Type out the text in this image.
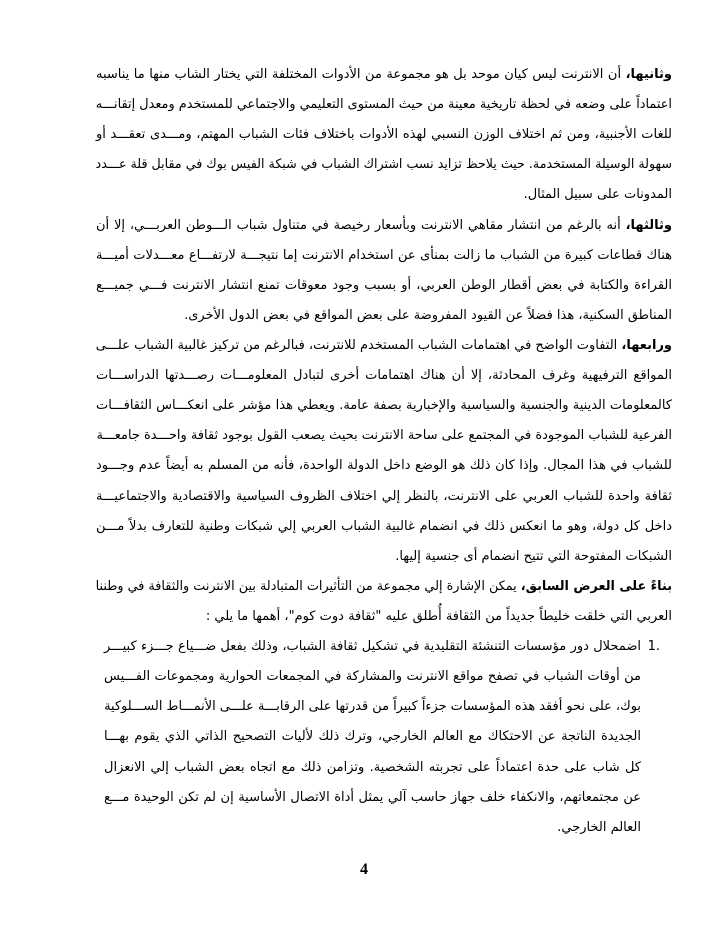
وثانيها، أن الانترنت ليس كيان موحد بل هو مجموعة من الأدوات المختلفة التي يختار الشاب منها ما يناسبه
اعتماداً على وضعه في لحظة تاريخية معينة من حيث المستوى التعليمي والاجتماعي للمستخدم ومعدل إتقانـــه
للغات الأجنبية، ومن ثم اختلاف الوزن النسبي لهذه الأدوات باختلاف فئات الشباب المهتم، ومـــدى تعقـــد أو
سهولة الوسيلة المستخدمة. حيث يلاحظ تزايد نسب اشتراك الشباب في شبكة الفيس بوك في مقابل قلة عـــدد
المدونات على سبيل المثال.
وثالثها، أنه بالرغم من انتشار مقاهي الانترنت وبأسعار رخيصة في متناول شباب الـــوطن العربـــي، إلا أن
هناك قطاعات كبيرة من الشباب ما زالت بمنأى عن استخدام الانترنت إما نتيجـــة لارتفـــاع معـــدلات أميـــة
القراءة والكتابة في بعض أقطار الوطن العربي، أو بسبب وجود معوقات تمنع انتشار الانترنت فـــي جميـــع
المناطق السكنية، هذا فضلاً عن القيود المفروضة على بعض المواقع في بعض الدول الأخرى.
ورابعها، التفاوت الواضح في اهتمامات الشباب المستخدم للانترنت، فبالرغم من تركيز غالبية الشباب علـــى
المواقع الترفيهية وغرف المحادثة، إلا أن هناك اهتمامات أخرى لتبادل المعلومـــات رصـــدتها الدراســـات
كالمعلومات الدينية والجنسية والسياسية والإخبارية بصفة عامة. ويعطي هذا مؤشر على انعكـــاس الثقافـــات
الفرعية للشباب الموجودة في المجتمع على ساحة الانترنت بحيث يصعب القول بوجود ثقافة واحـــدة جامعـــة
للشباب في هذا المجال. وإذا كان ذلك هو الوضع داخل الدولة الواحدة، فأنه من المسلم به أيضاً عدم وجـــود
ثقافة واحدة للشباب العربي على الانترنت، بالنظر إلي اختلاف الظروف السياسية والاقتصادية والاجتماعيـــة
داخل كل دولة، وهو ما انعكس ذلك في انضمام غالبية الشباب العربي إلي شبكات وطنية للتعارف بدلاً مـــن
الشبكات المفتوحة التي تتيح انضمام أى جنسية إليها.
بناءً على العرض السابق، يمكن الإشارة إلي مجموعة من التأثيرات المتبادلة بين الانترنت والثقافة في وطننا
العربي التي خلقت خليطاً جديداً من الثقافة أُطلق عليه "ثقافة دوت كوم"، أهمها ما يلي :
1.
اضمحلال دور مؤسسات التنشئة التقليدية في تشكيل ثقافة الشباب، وذلك بفعل ضـــياع جـــزء كبيـــر
من أوقات الشباب في تصفح مواقع الانترنت والمشاركة في المجمعات الحوارية ومجموعات الفـــيس
بوك، على نحو أفقد هذه المؤسسات جزءاً كبيراً من قدرتها على الرقابـــة علـــى الأنمـــاط الســـلوكية
الجديدة الناتجة عن الاحتكاك مع العالم الخارجي، وترك ذلك لأليات التصحيح الذاتي الذي يقوم بهـــا
كل شاب على حدة اعتماداً على تجربته الشخصية. وتزامن ذلك مع اتجاه بعض الشباب إلي الانعزال
عن مجتمعاتهم، والانكفاء خلف جهاز حاسب آلي يمثل أداة الاتصال الأساسية إن لم تكن الوحيدة مـــع
العالم الخارجي.
4
